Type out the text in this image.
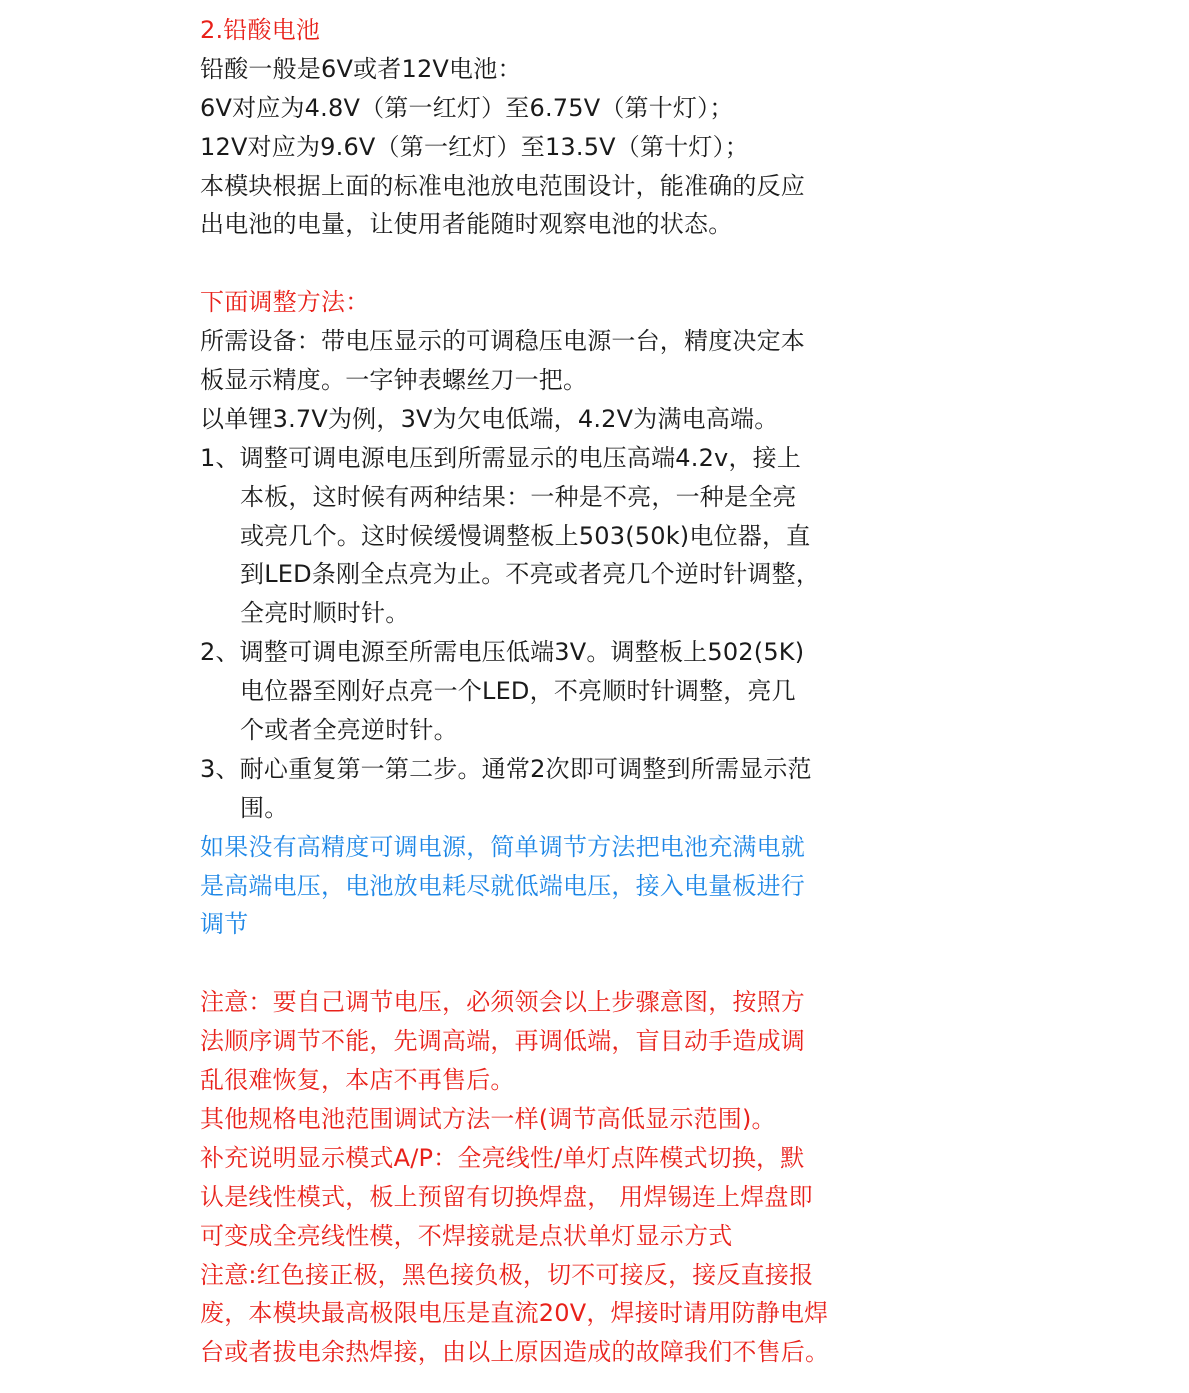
2.铅酸电池
铅酸一般是6V或者12V电池：
6V对应为4.8V（第一红灯）至6.75V（第十灯）；
12V对应为9.6V（第一红灯）至13.5V（第十灯）；
本模块根据上面的标准电池放电范围设计，能准确的反应
出电池的电量，让使用者能随时观察电池的状态。
下面调整方法：
所需设备：带电压显示的可调稳压电源一台，精度决定本
板显示精度。一字钟表螺丝刀一把。
以单锂3.7V为例，3V为欠电低端，4.2V为满电高端。
1、调整可调电源电压到所需显示的电压高端4.2v，接上
本板，这时候有两种结果：一种是不亮，一种是全亮
或亮几个。这时候缓慢调整板上503(50k)电位器，直
到LED条刚全点亮为止。不亮或者亮几个逆时针调整，
全亮时顺时针。
2、调整可调电源至所需电压低端3V。调整板上502(5K)
电位器至刚好点亮一个LED，不亮顺时针调整，亮几
个或者全亮逆时针。
3、耐心重复第一第二步。通常2次即可调整到所需显示范
围。
如果没有高精度可调电源，简单调节方法把电池充满电就
是高端电压，电池放电耗尽就低端电压，接入电量板进行
调节
注意：要自己调节电压，必须领会以上步骤意图，按照方
法顺序调节不能，先调高端，再调低端，盲目动手造成调
乱很难恢复，本店不再售后。
其他规格电池范围调试方法一样(调节高低显示范围)。
补充说明显示模式A/P：全亮线性/单灯点阵模式切换，默
认是线性模式，板上预留有切换焊盘， 用焊锡连上焊盘即
可变成全亮线性模，不焊接就是点状单灯显示方式
注意:红色接正极，黑色接负极，切不可接反，接反直接报
废，本模块最高极限电压是直流20V，焊接时请用防静电焊
台或者拔电余热焊接，由以上原因造成的故障我们不售后。
